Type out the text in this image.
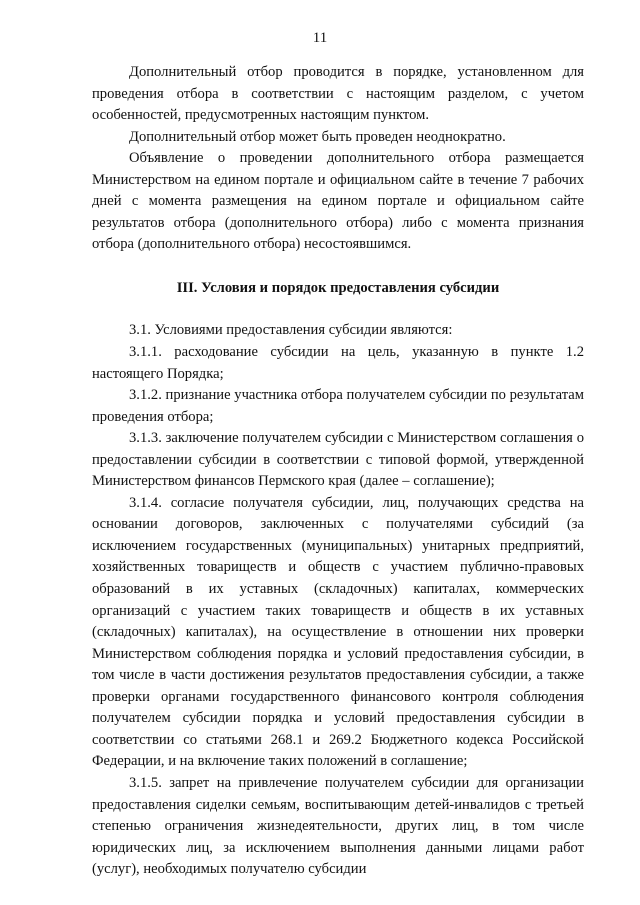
11

Дополнительный отбор проводится в порядке, установленном для проведения отбора в соответствии с настоящим разделом, с учетом особенностей, предусмотренных настоящим пунктом.

Дополнительный отбор может быть проведен неоднократно.

Объявление о проведении дополнительного отбора размещается Министерством на едином портале и официальном сайте в течение 7 рабочих дней с момента размещения на едином портале и официальном сайте результатов отбора (дополнительного отбора) либо с момента признания отбора (дополнительного отбора) несостоявшимся.

III. Условия и порядок предоставления субсидии

3.1. Условиями предоставления субсидии являются:

3.1.1. расходование субсидии на цель, указанную в пункте 1.2 настоящего Порядка;

3.1.2. признание участника отбора получателем субсидии по результатам проведения отбора;

3.1.3. заключение получателем субсидии с Министерством соглашения о предоставлении субсидии в соответствии с типовой формой, утвержденной Министерством финансов Пермского края (далее – соглашение);

3.1.4. согласие получателя субсидии, лиц, получающих средства на основании договоров, заключенных с получателями субсидий (за исключением государственных (муниципальных) унитарных предприятий, хозяйственных товариществ и обществ с участием публично-правовых образований в их уставных (складочных) капиталах, коммерческих организаций с участием таких товариществ и обществ в их уставных (складочных) капиталах), на осуществление в отношении них проверки Министерством соблюдения порядка и условий предоставления субсидии, в том числе в части достижения результатов предоставления субсидии, а также проверки органами государственного финансового контроля соблюдения получателем субсидии порядка и условий предоставления субсидии в соответствии со статьями 268.1 и 269.2 Бюджетного кодекса Российской Федерации, и на включение таких положений в соглашение;

3.1.5. запрет на привлечение получателем субсидии для организации предоставления сиделки семьям, воспитывающим детей-инвалидов с третьей степенью ограничения жизнедеятельности, других лиц, в том числе юридических лиц, за исключением выполнения данными лицами работ (услуг), необходимых получателю субсидии
